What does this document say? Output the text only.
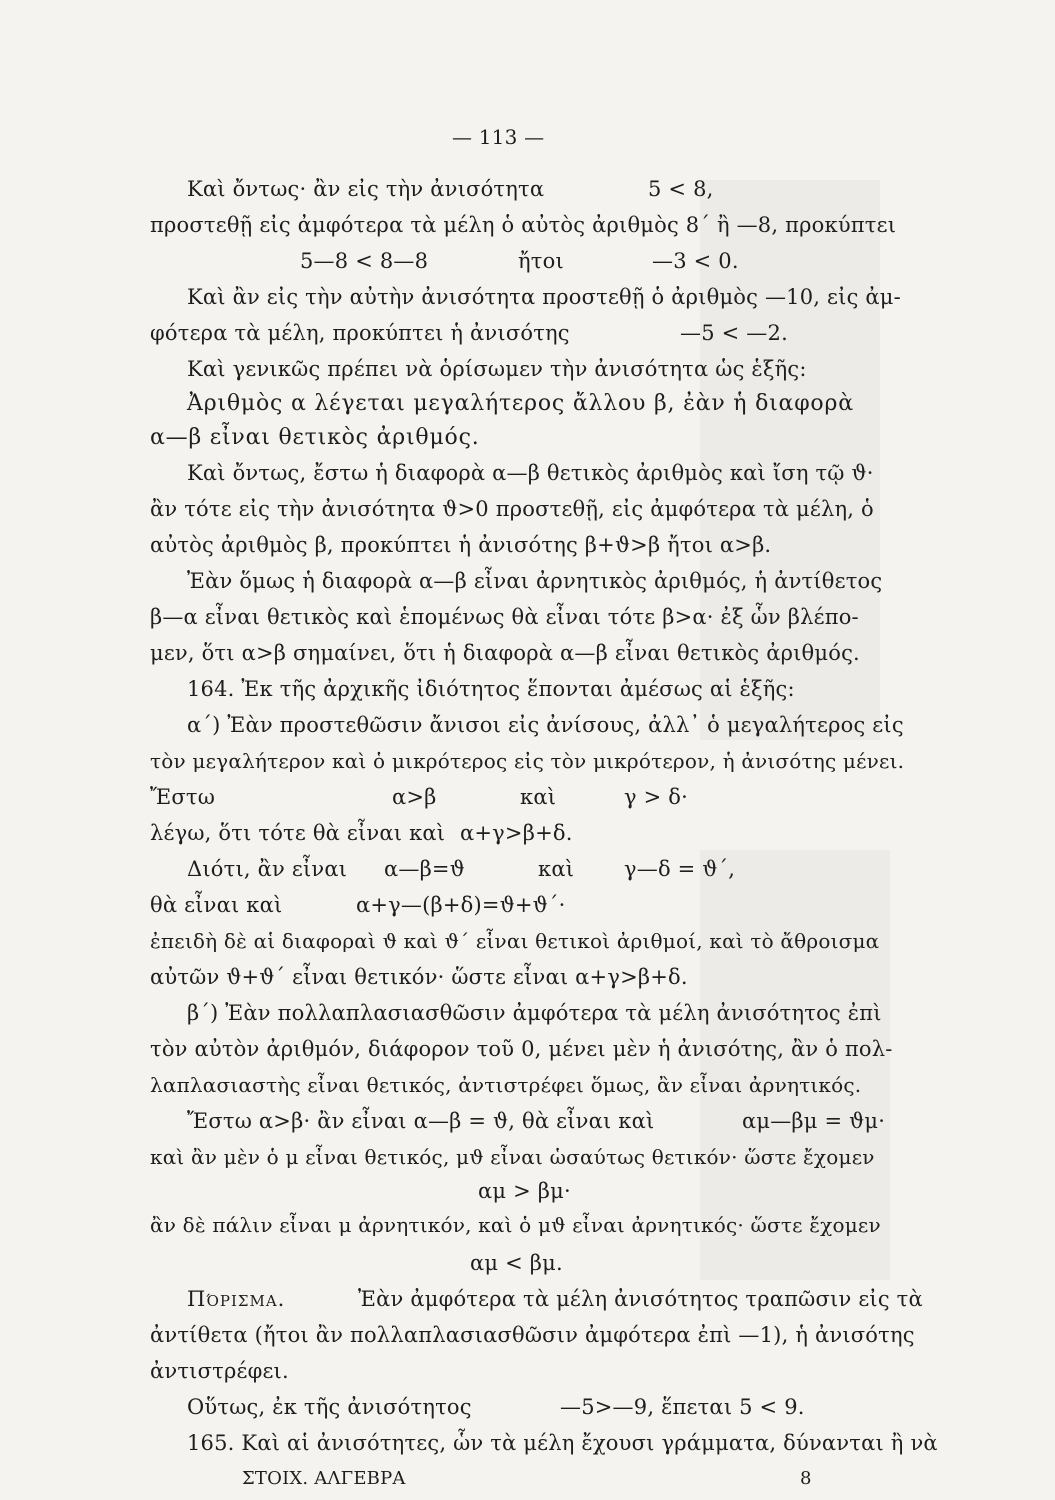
— 113 —
Καὶ ὄντως· ἂν εἰς τὴν ἀνισότητα	5 < 8,
προστεθῇ εἰς ἀμφότερα τὰ μέλη ὁ αὐτὸς ἀριθμὸς 8΄ ἢ —8, προκύπτει
5—8 < 8—8	ἤτοι	—3 < 0.
Καὶ ἂν εἰς τὴν αὐτὴν ἀνισότητα προστεθῇ ὁ ἀριθμὸς —10, εἰς ἀμ-
φότερα τὰ μέλη, προκύπτει ἡ ἀνισότης	—5 < —2.
Καὶ γενικῶς πρέπει νὰ ὁρίσωμεν τὴν ἀνισότητα ὡς ἑξῆς:
Ἀριθμὸς α λέγεται μεγαλήτερος ἄλλου β, ἐὰν ἡ διαφορὰ
α—β εἶναι θετικὸς ἀριθμός.
Καὶ ὄντως, ἔστω ἡ διαφορὰ α—β θετικὸς ἀριθμὸς καὶ ἴση τῷ ϑ·
ἂν τότε εἰς τὴν ἀνισότητα ϑ>0 προστεθῇ, εἰς ἀμφότερα τὰ μέλη, ὁ
αὐτὸς ἀριθμὸς β, προκύπτει ἡ ἀνισότης β+ϑ>β ἤτοι α>β.
Ἐὰν ὅμως ἡ διαφορὰ α—β εἶναι ἀρνητικὸς ἀριθμός, ἡ ἀντίθετος
β—α εἶναι θετικὸς καὶ ἑπομένως θὰ εἶναι τότε β>α· ἐξ ὧν βλέπο-
μεν, ὅτι α>β σημαίνει, ὅτι ἡ διαφορὰ α—β εἶναι θετικὸς ἀριθμός.
164. Ἐκ τῆς ἀρχικῆς ἰδιότητος ἕπονται ἀμέσως αἱ ἑξῆς:
α΄) Ἐὰν προστεθῶσιν ἄνισοι εἰς ἀνίσους, ἀλλ᾽ ὁ μεγαλήτερος εἰς
τὸν μεγαλήτερον καὶ ὁ μικρότερος εἰς τὸν μικρότερον, ἡ ἀνισότης μένει.
Ἔστω	α>β	καὶ	γ > δ·
λέγω, ὅτι τότε θὰ εἶναι καὶ α+γ>β+δ.
Διότι, ἂν εἶναι α—β=ϑ	καὶ γ—δ = ϑ΄,
θὰ εἶναι καὶ	α+γ—(β+δ)=ϑ+ϑ΄·
ἐπειδὴ δὲ αἱ διαφοραὶ ϑ καὶ ϑ΄ εἶναι θετικοὶ ἀριθμοί, καὶ τὸ ἄθροισμα
αὐτῶν ϑ+ϑ΄ εἶναι θετικόν· ὥστε εἶναι α+γ>β+δ.
β΄) Ἐὰν πολλαπλασιασθῶσιν ἀμφότερα τὰ μέλη ἀνισότητος ἐπὶ
τὸν αὐτὸν ἀριθμόν, διάφορον τοῦ 0, μένει μὲν ἡ ἀνισότης, ἂν ὁ πολ-
λαπλασιαστὴς εἶναι θετικός, ἀντιστρέφει ὅμως, ἂν εἶναι ἀρνητικός.
Ἔστω α>β· ἂν εἶναι α—β = ϑ, θὰ εἶναι καὶ	αμ—βμ = ϑμ·
καὶ ἂν μὲν ὁ μ εἶναι θετικός, μϑ εἶναι ὡσαύτως θετικόν· ὥστε ἔχομεν
αμ > βμ·
ἂν δὲ πάλιν εἶναι μ ἀρνητικόν, καὶ ὁ μϑ εἶναι ἀρνητικός· ὥστε ἔχομεν
αμ < βμ.
Πόρισμα.	Ἐὰν ἀμφότερα τὰ μέλη ἀνισότητος τραπῶσιν εἰς τὰ
ἀντίθετα (ἤτοι ἂν πολλαπλασιασθῶσιν ἀμφότερα ἐπὶ —1), ἡ ἀνισότης
ἀντιστρέφει.
Οὕτως, ἐκ τῆς ἀνισότητος	—5>—9, ἕπεται 5 < 9.
165. Καὶ αἱ ἀνισότητες, ὧν τὰ μέλη ἔχουσι γράμματα, δύνανται ἢ νὰ
ΣΤΟΙΧ. ΑΛΓΕΒΡΑ	8
